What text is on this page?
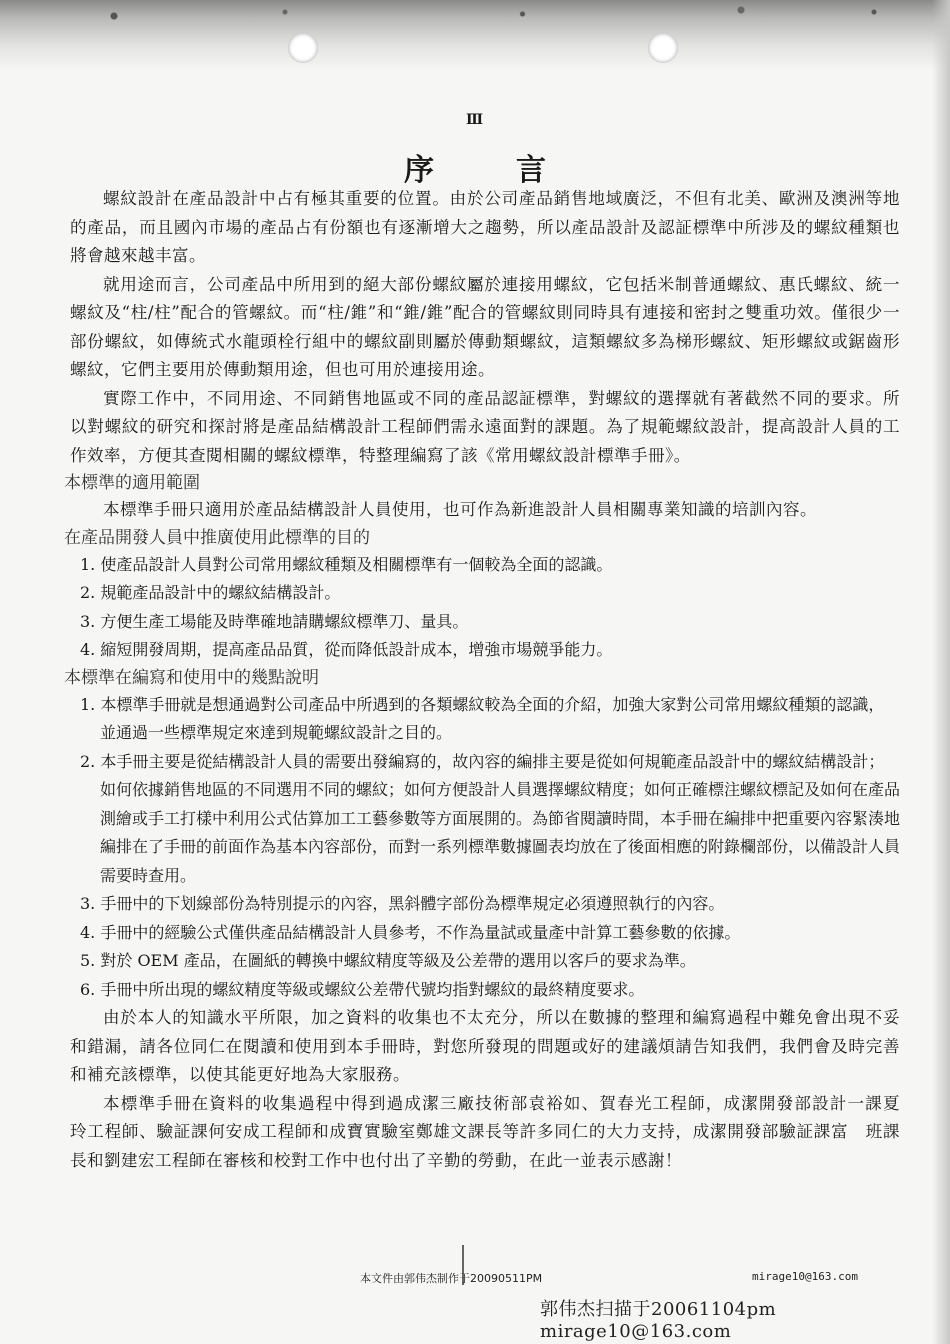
Ⅲ
序言

螺紋設計在產品設計中占有極其重要的位置。由於公司產品銷售地域廣泛，不但有北美、歐洲及澳洲等地的產品，而且國內市場的產品占有份額也有逐漸增大之趨勢，所以產品設計及認証標準中所涉及的螺紋種類也將會越來越丰富。

就用途而言，公司產品中所用到的絕大部份螺紋屬於連接用螺紋，它包括米制普通螺紋、惠氏螺紋、統一螺紋及“柱/柱”配合的管螺紋。而“柱/錐”和“錐/錐”配合的管螺紋則同時具有連接和密封之雙重功效。僅很少一部份螺紋，如傳統式水龍頭栓行組中的螺紋副則屬於傳動類螺紋，這類螺紋多為梯形螺紋、矩形螺紋或鋸齒形螺紋，它們主要用於傳動類用途，但也可用於連接用途。

實際工作中，不同用途、不同銷售地區或不同的產品認証標準，對螺紋的選擇就有著截然不同的要求。所以對螺紋的研究和探討將是產品結構設計工程師們需永遠面對的課題。為了規範螺紋設計，提高設計人員的工作效率，方便其查閱相關的螺紋標準，特整理編寫了該《常用螺紋設計標準手冊》。

本標準的適用範圍

本標準手冊只適用於產品結構設計人員使用，也可作為新進設計人員相關專業知識的培訓內容。

在產品開發人員中推廣使用此標準的目的

1. 使產品設計人員對公司常用螺紋種類及相關標準有一個較為全面的認識。

2. 規範產品設計中的螺紋結構設計。

3. 方便生產工場能及時準確地請購螺紋標準刀、量具。

4. 縮短開發周期，提高產品品質，從而降低設計成本，增強市場競爭能力。

本標準在編寫和使用中的幾點說明

1. 本標準手冊就是想通過對公司產品中所遇到的各類螺紋較為全面的介紹，加強大家對公司常用螺紋種類的認識，並通過一些標準規定來達到規範螺紋設計之目的。

2. 本手冊主要是從結構設計人員的需要出發編寫的，故內容的編排主要是從如何規範產品設計中的螺紋結構設計；如何依據銷售地區的不同選用不同的螺紋；如何方便設計人員選擇螺紋精度；如何正確標注螺紋標記及如何在產品測繪或手工打樣中利用公式估算加工工藝參數等方面展開的。為節省閱讀時間，本手冊在編排中把重要內容緊湊地編排在了手冊的前面作為基本內容部份，而對一系列標準數據圖表均放在了後面相應的附錄欄部份，以備設計人員需要時查用。

3. 手冊中的下划線部份為特別提示的內容，黑斜體字部份為標準規定必須遵照執行的內容。

4. 手冊中的經驗公式僅供產品結構設計人員參考，不作為量試或量產中計算工藝參數的依據。

5. 對於 OEM 產品，在圖紙的轉換中螺紋精度等級及公差帶的選用以客戶的要求為準。

6. 手冊中所出現的螺紋精度等級或螺紋公差帶代號均指對螺紋的最終精度要求。

由於本人的知識水平所限，加之資料的收集也不太充分，所以在數據的整理和編寫過程中難免會出現不妥和錯漏，請各位同仁在閱讀和使用到本手冊時，對您所發現的問題或好的建議煩請告知我們，我們會及時完善和補充該標準，以使其能更好地為大家服務。

本標準手冊在資料的收集過程中得到過成潔三廠技術部袁裕如、賀春光工程師，成潔開發部設計一課夏　玲工程師、驗証課何安成工程師和成寶實驗室鄭雄文課長等許多同仁的大力支持，成潔開發部驗証課富　班課長和劉建宏工程師在審核和校對工作中也付出了辛勤的勞動，在此一並表示感謝！

本文件由郭伟杰制作于20090511PM	mirage10@163.com
郭伟杰扫描于20061104pm　mirage10@163.com
